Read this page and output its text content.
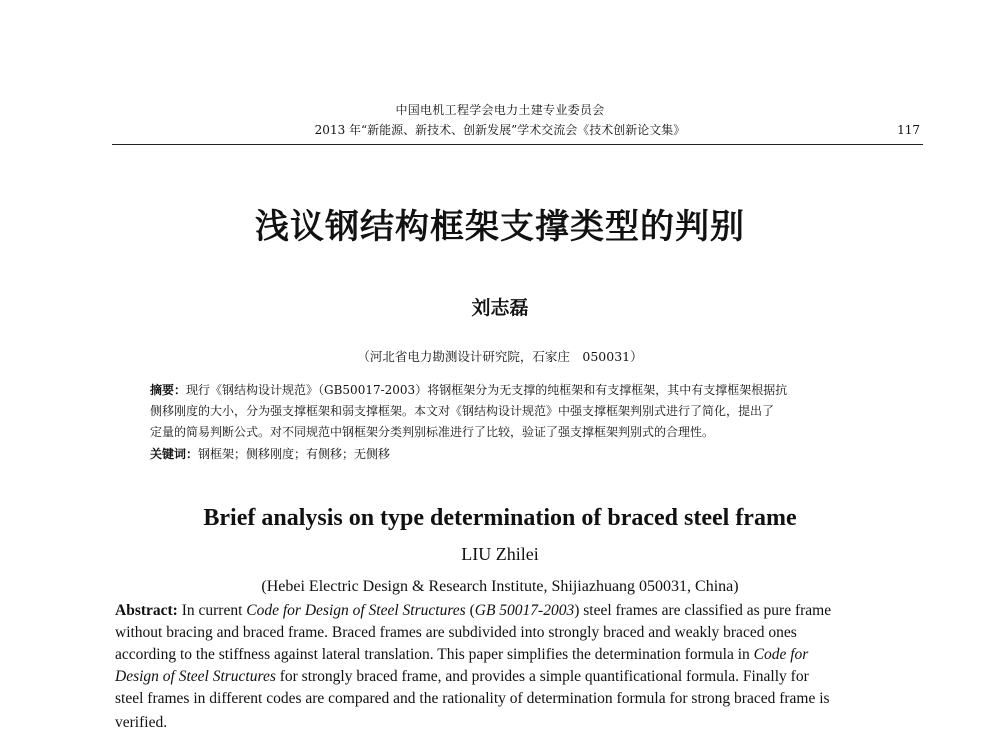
中国电机工程学会电力土建专业委员会
2013 年“新能源、新技术、创新发展”学术交流会《技术创新论文集》	117
浅议钢结构框架支撑类型的判别
刘志磊
（河北省电力勘测设计研究院，石家庄　050031）
摘要：现行《钢结构设计规范》（GB50017-2003）将钢框架分为无支撑的纯框架和有支撑框架，其中有支撑框架根据抗
侧移刚度的大小，分为强支撑框架和弱支撑框架。本文对《钢结构设计规范》中强支撑框架判别式进行了简化，提出了
定量的简易判断公式。对不同规范中钢框架分类判别标准进行了比较，验证了强支撑框架判别式的合理性。
关键词：钢框架；侧移刚度；有侧移；无侧移
Brief analysis on type determination of braced steel frame
LIU Zhilei
(Hebei Electric Design & Research Institute, Shijiazhuang 050031, China)
Abstract: In current Code for Design of Steel Structures (GB 50017-2003) steel frames are classified as pure frame
without bracing and braced frame. Braced frames are subdivided into strongly braced and weakly braced ones
according to the stiffness against lateral translation. This paper simplifies the determination formula in Code for
Design of Steel Structures for strongly braced frame, and provides a simple quantificational formula. Finally for
steel frames in different codes are compared and the rationality of determination formula for strong braced frame is
verified.
